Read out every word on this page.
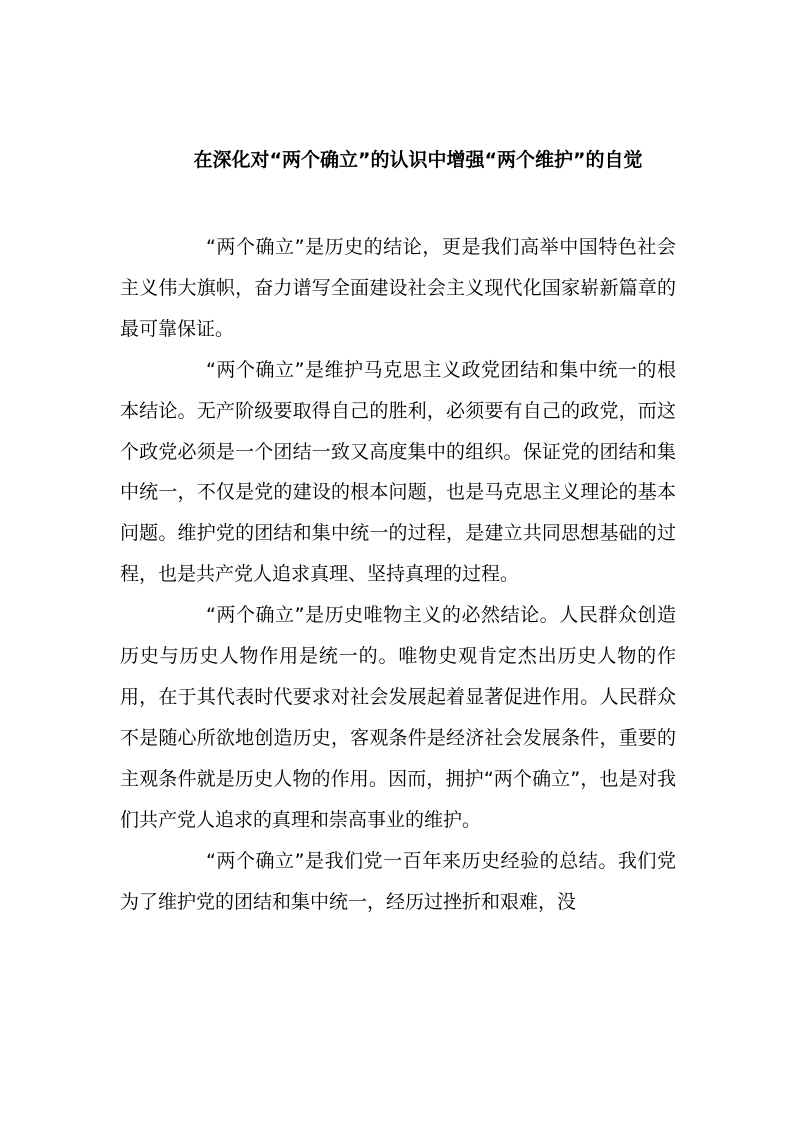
在深化对“两个确立”的认识中增强“两个维护”的自觉

“两个确立”是历史的结论，更是我们高举中国特色社会主义伟大旗帜，奋力谱写全面建设社会主义现代化国家崭新篇章的最可靠保证。

“两个确立”是维护马克思主义政党团结和集中统一的根本结论。无产阶级要取得自己的胜利，必须要有自己的政党，而这个政党必须是一个团结一致又高度集中的组织。保证党的团结和集中统一，不仅是党的建设的根本问题，也是马克思主义理论的基本问题。维护党的团结和集中统一的过程，是建立共同思想基础的过程，也是共产党人追求真理、坚持真理的过程。

“两个确立”是历史唯物主义的必然结论。人民群众创造历史与历史人物作用是统一的。唯物史观肯定杰出历史人物的作用，在于其代表时代要求对社会发展起着显著促进作用。人民群众不是随心所欲地创造历史，客观条件是经济社会发展条件，重要的主观条件就是历史人物的作用。因而，拥护“两个确立”，也是对我们共产党人追求的真理和崇高事业的维护。

“两个确立”是我们党一百年来历史经验的总结。我们党为了维护党的团结和集中统一，经历过挫折和艰难，没
